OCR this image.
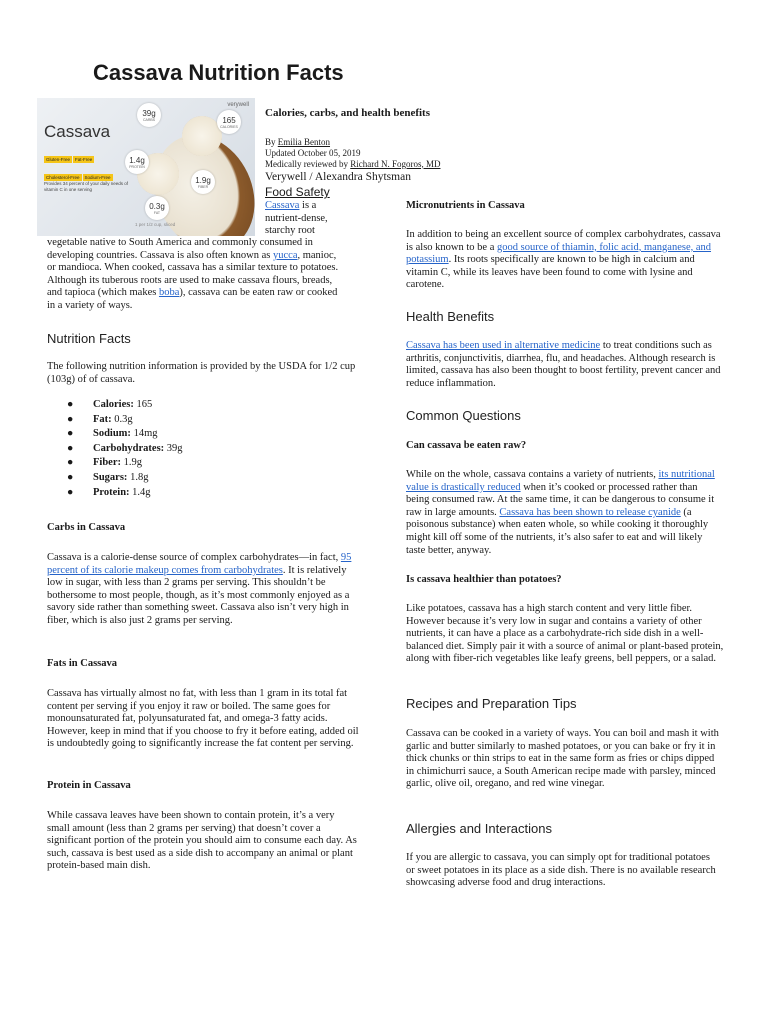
Cassava Nutrition Facts
verywell
Cassava
Gluten-Free Fat-FreeCholesterol-Free Sodium-Free
Provides 34 percent of your daily needs of vitamin C in one serving
39g
CARBS	165
CALORIES
1.4g
PROTEIN
1.9g
FIBER
0.3g
FAT
1 per 1/2 cup, sliced
Calories, carbs, and health benefits
By Emilia Benton
Updated October 05, 2019
Medically reviewed by Richard N. Fogoros, MD
Verywell / Alexandra Shytsman
Food Safety
Cassava is a nutrient-dense, starchy root
vegetable native to South America and commonly consumed in developing countries. Cassava is also often known as yucca, manioc, or mandioca. When cooked, cassava has a similar texture to potatoes. Although its tuberous roots are used to make cassava flours, breads, and tapioca (which makes boba), cassava can be eaten raw or cooked in a variety of ways.
Nutrition Facts
The following nutrition information is provided by the USDA for 1/2 cup (103g) of of cassava.
● Calories: 165
● Fat: 0.3g
● Sodium: 14mg
● Carbohydrates: 39g
● Fiber: 1.9g
● Sugars: 1.8g
● Protein: 1.4g
Carbs in Cassava
Cassava is a calorie-dense source of complex carbohydrates—in fact, 95 percent of its calorie makeup comes from carbohydrates. It is relatively low in sugar, with less than 2 grams per serving. This shouldn’t be bothersome to most people, though, as it’s most commonly enjoyed as a savory side rather than something sweet. Cassava also isn’t very high in fiber, which is also just 2 grams per serving.
Fats in Cassava
Cassava has virtually almost no fat, with less than 1 gram in its total fat content per serving if you enjoy it raw or boiled. The same goes for monounsaturated fat, polyunsaturated fat, and omega-3 fatty acids. However, keep in mind that if you choose to fry it before eating, added oil is undoubtedly going to significantly increase the fat content per serving.
Protein in Cassava
While cassava leaves have been shown to contain protein, it’s a very small amount (less than 2 grams per serving) that doesn’t cover a significant portion of the protein you should aim to consume each day. As such, cassava is best used as a side dish to accompany an animal or plant protein-based main dish.
Micronutrients in Cassava
In addition to being an excellent source of complex carbohydrates, cassava is also known to be a good source of thiamin, folic acid, manganese, and potassium. Its roots specifically are known to be high in calcium and vitamin C, while its leaves have been found to come with lysine and carotene.
Health Benefits
Cassava has been used in alternative medicine to treat conditions such as arthritis, conjunctivitis, diarrhea, flu, and headaches. Although research is limited, cassava has also been thought to boost fertility, prevent cancer and reduce inflammation.
Common Questions
Can cassava be eaten raw?
While on the whole, cassava contains a variety of nutrients, its nutritional value is drastically reduced when it’s cooked or processed rather than being consumed raw. At the same time, it can be dangerous to consume it raw in large amounts. Cassava has been shown to release cyanide (a poisonous substance) when eaten whole, so while cooking it thoroughly might kill off some of the nutrients, it’s also safer to eat and will likely taste better, anyway.
Is cassava healthier than potatoes?
Like potatoes, cassava has a high starch content and very little fiber. However because it’s very low in sugar and contains a variety of other nutrients, it can have a place as a carbohydrate-rich side dish in a well-balanced diet. Simply pair it with a source of animal or plant-based protein, along with fiber-rich vegetables like leafy greens, bell peppers, or a salad.
Recipes and Preparation Tips
Cassava can be cooked in a variety of ways. You can boil and mash it with garlic and butter similarly to mashed potatoes, or you can bake or fry it in thick chunks or thin strips to eat in the same form as fries or chips dipped in chimichurri sauce, a South American recipe made with parsley, minced garlic, olive oil, oregano, and red wine vinegar.
Allergies and Interactions
If you are allergic to cassava, you can simply opt for traditional potatoes or sweet potatoes in its place as a side dish. There is no available research showcasing adverse food and drug interactions.
